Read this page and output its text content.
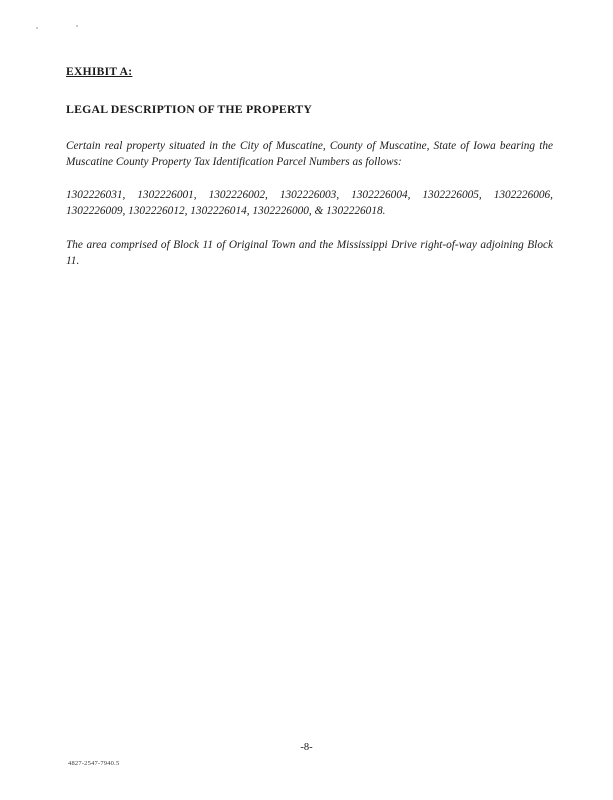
EXHIBIT A:
LEGAL DESCRIPTION OF THE PROPERTY

Certain real property situated in the City of Muscatine, County of Muscatine, State of Iowa bearing the Muscatine County Property Tax Identification Parcel Numbers as follows:

1302226031, 1302226001, 1302226002, 1302226003, 1302226004, 1302226005, 1302226006, 1302226009, 1302226012, 1302226014, 1302226000, & 1302226018.

The area comprised of Block 11 of Original Town and the Mississippi Drive right-of-way adjoining Block 11.

-8-
4827-2547-7940.5
